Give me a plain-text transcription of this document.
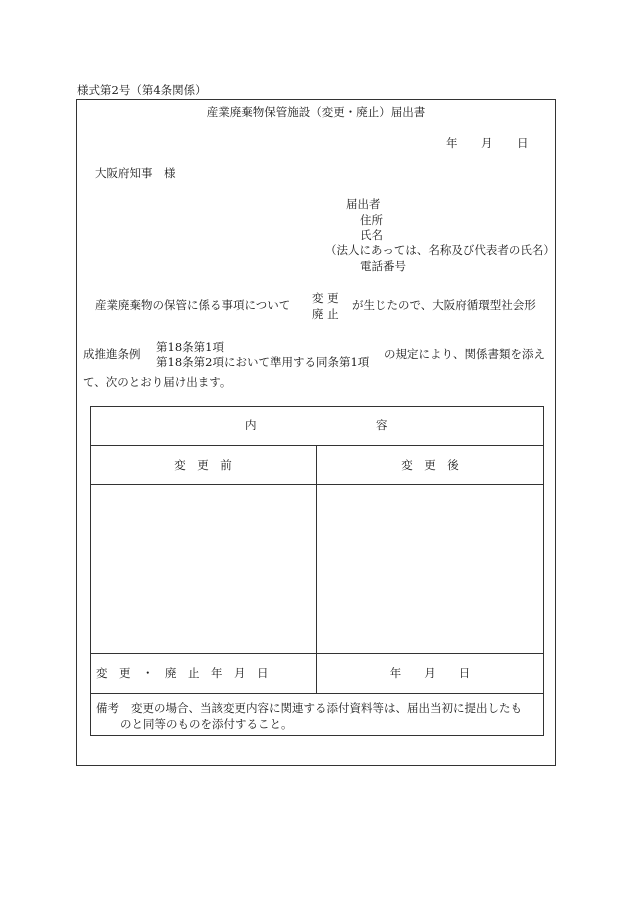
様式第2号（第4条関係）
産業廃棄物保管施設（変更・廃止）届出書
年 月 日
大阪府知事　様
届出者
住所
氏名
（法人にあっては、名称及び代表者の氏名）
電話番号
産業廃棄物の保管に係る事項について 変 更
廃 止
が生じたので、大阪府循環型社会形
成推進条例 第18条第1項
第18条第2項において準用する同条第1項
の規定により、関係書類を添え
て、次のとおり届け出ます。
内	容
変　更　前	変　更　後
変　更　・　廃　止　年　月　日	年　　月　　日
備考 変更の場合、当該変更内容に関連する添付資料等は、届出当初に提出したも
のと同等のものを添付すること。
